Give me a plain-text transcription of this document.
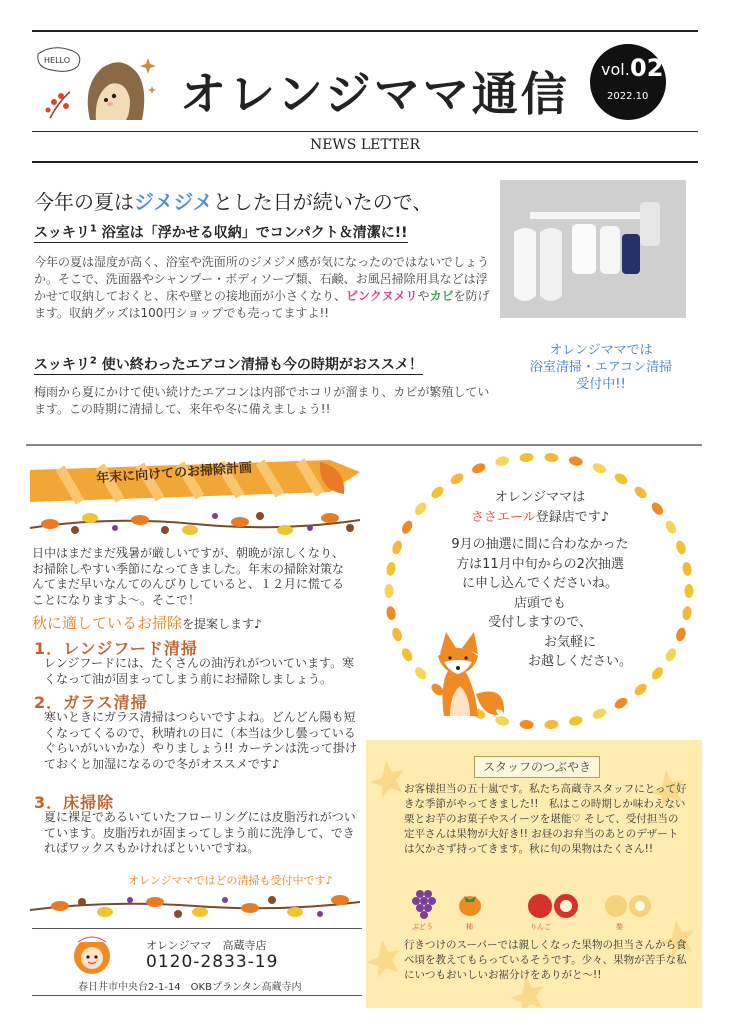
HELLO
オレンジママ通信 vol. 02
2022.10
NEWS LETTER
今年の夏はジメジメとした日が続いたので、
スッキリ$^1$ 浴室は「浮かせる収納」でコンパクト＆清潔に!!
今年の夏は湿度が高く、浴室や洗面所のジメジメ感が気になったのではないでしょうか。そこで、洗面器やシャンプー・ボディソープ類、石鹸、お風呂掃除用具などは浮かせて収納しておくと、床や壁との接地面が小さくなり、ピンクヌメリやカビを防げます。収納グッズは100円ショップでも売ってますよ!!
スッキリ$^2$ 使い終わったエアコン清掃も今の時期がおススメ！
梅雨から夏にかけて使い続けたエアコンは内部でホコリが溜まり、カビが繁殖しています。この時期に清掃して、来年や冬に備えましょう!!
オレンジママでは
浴室清掃・エアコン清掃
受付中!!
年末に向けてのお掃除計画
日中はまだまだ残暑が厳しいですが、朝晩が涼しくなり、お掃除しやすい季節になってきました。年末の掃除対策なんてまだ早いなんてのんびりしていると、１２月に慌てることになりますよ～。そこで！
秋に適しているお掃除を提案します♪
1．レンジフード清掃
レンジフードには、たくさんの油汚れがついています。寒くなって油が固まってしまう前にお掃除しましょう。
2．ガラス清掃
寒いときにガラス清掃はつらいですよね。どんどん陽も短くなってくるので、秋晴れの日に（本当は少し曇っているぐらいがいいかな）やりましょう!! カーテンは洗って掛けておくと加湿になるので冬がオススメです♪
3．床掃除
夏に裸足であるいていたフローリングには皮脂汚れがついています。皮脂汚れが固まってしまう前に洗浄して、できればワックスもかければといいですね。
オレンジママではどの清掃も受付中です♪
オレンジママ　高蔵寺店
0120-2833-19
春日井市中央台2-1-14　OKBプランタン高蔵寺内
オレンジママは
ささエール登録店です♪
9月の抽選に間に合わなかった
方は11月中旬からの2次抽選
に申し込んでくださいね。
店頭でも
受付しますので、
お気軽に
お越しください。
スタッフのつぶやき
お客様担当の五十嵐です。私たち高蔵寺スタッフにとって好きな季節がやってきました!!　私はこの時期しか味わえない栗とお芋のお菓子やスイーツを堪能♡ そして、受付担当の定平さんは果物が大好き!! お昼のお弁当のあとのデザートは欠かさず持ってきます。秋に旬の果物はたくさん!!
ぶどう	柿	りんご	梨
行きつけのスーパーでは親しくなった果物の担当さんから食べ頃を教えてもらっているそうです。少々、果物が苦手な私にいつもおいしいお裾分けをありがと～!!
